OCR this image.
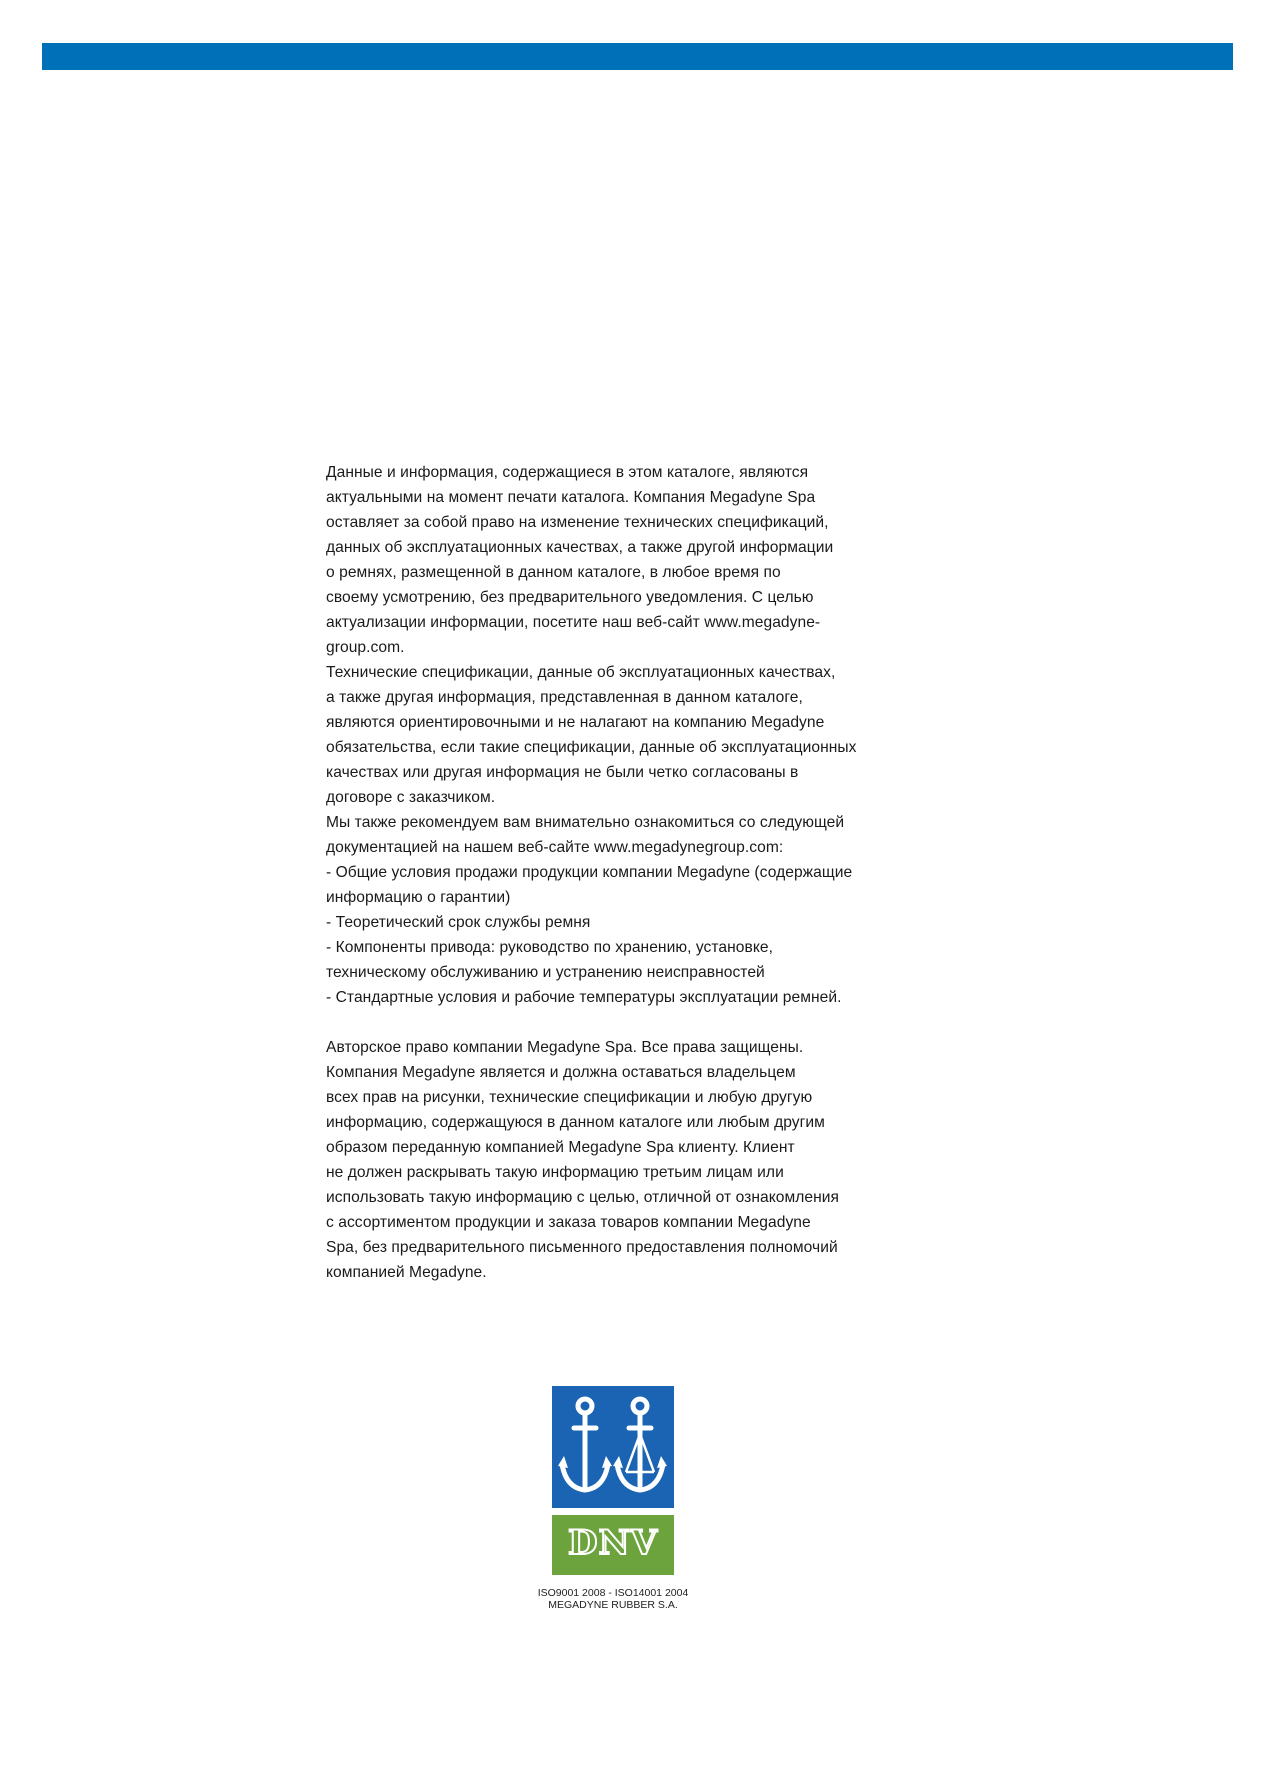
Данные и информация, содержащиеся в этом каталоге, являются

актуальными на момент печати каталога. Компания Megadyne Spa

оставляет за собой право на изменение технических спецификаций,

данных об эксплуатационных качествах, а также другой информации

о ремнях, размещенной в данном каталоге, в любое время по

своему усмотрению, без предварительного уведомления. С целью

актуализации информации, посетите наш веб-сайт www.megadyne-

group.com.

Технические спецификации, данные об эксплуатационных качествах,

а также другая информация, представленная в данном каталоге,

являются ориентировочными и не налагают на компанию Megadyne

обязательства, если такие спецификации, данные об эксплуатационных

качествах или другая информация не были четко согласованы в

договоре с заказчиком.

Мы также рекомендуем вам внимательно ознакомиться со следующей

документацией на нашем веб-сайте www.megadynegroup.com:

- Общие условия продажи продукции компании Megadyne (содержащие

информацию о гарантии)

- Теоретический срок службы ремня

- Компоненты привода: руководство по хранению, установке,

техническому обслуживанию и устранению неисправностей

- Стандартные условия и рабочие температуры эксплуатации ремней.

Авторское право компании Megadyne Spa. Все права защищены.

Компания Megadyne является и должна оставаться владельцем

всех прав на рисунки, технические спецификации и любую другую

информацию, содержащуюся в данном каталоге или любым другим

образом переданную компанией Megadyne Spa клиенту. Клиент

не должен раскрывать такую информацию третьим лицам или

использовать такую информацию с целью, отличной от ознакомления

с ассортиментом продукции и заказа товаров компании Megadyne

Spa, без предварительного письменного предоставления полномочий

компанией Megadyne.

DNV
ISO9001 2008 - ISO14001 2004
MEGADYNE RUBBER S.A.
